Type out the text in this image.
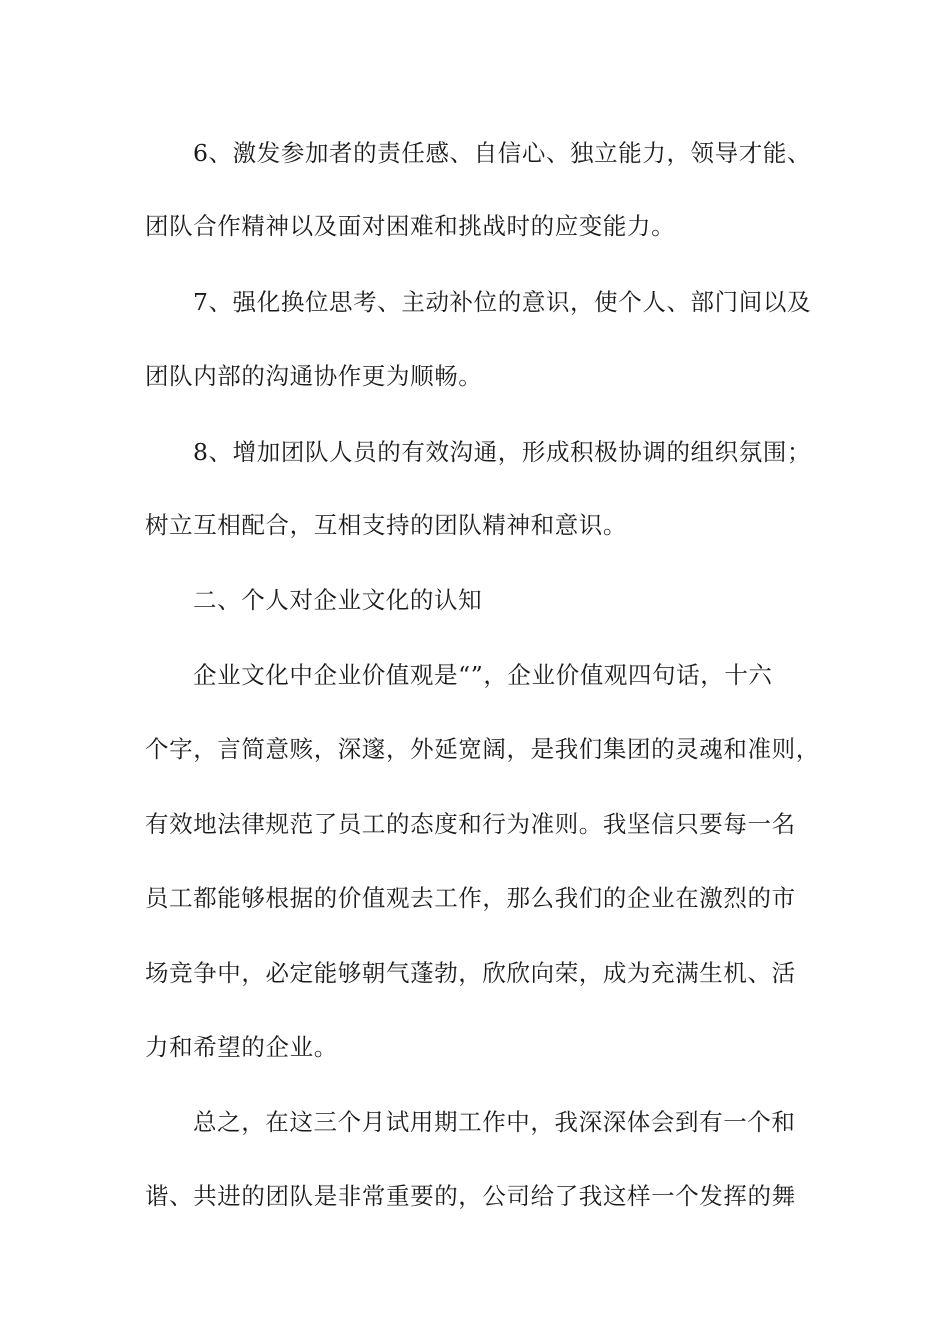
6、激发参加者的责任感、自信心、独立能力，领导才能、
团队合作精神以及面对困难和挑战时的应变能力。
7、强化换位思考、主动补位的意识，使个人、部门间以及
团队内部的沟通协作更为顺畅。
8、增加团队人员的有效沟通，形成积极协调的组织氛围；
树立互相配合，互相支持的团队精神和意识。
二、个人对企业文化的认知
企业文化中企业价值观是“”，企业价值观四句话，十六
个字，言简意赅，深邃，外延宽阔，是我们集团的灵魂和准则，
有效地法律规范了员工的态度和行为准则。我坚信只要每一名
员工都能够根据的价值观去工作，那么我们的企业在激烈的市
场竞争中，必定能够朝气蓬勃，欣欣向荣，成为充满生机、活
力和希望的企业。
总之，在这三个月试用期工作中，我深深体会到有一个和
谐、共进的团队是非常重要的，公司给了我这样一个发挥的舞
